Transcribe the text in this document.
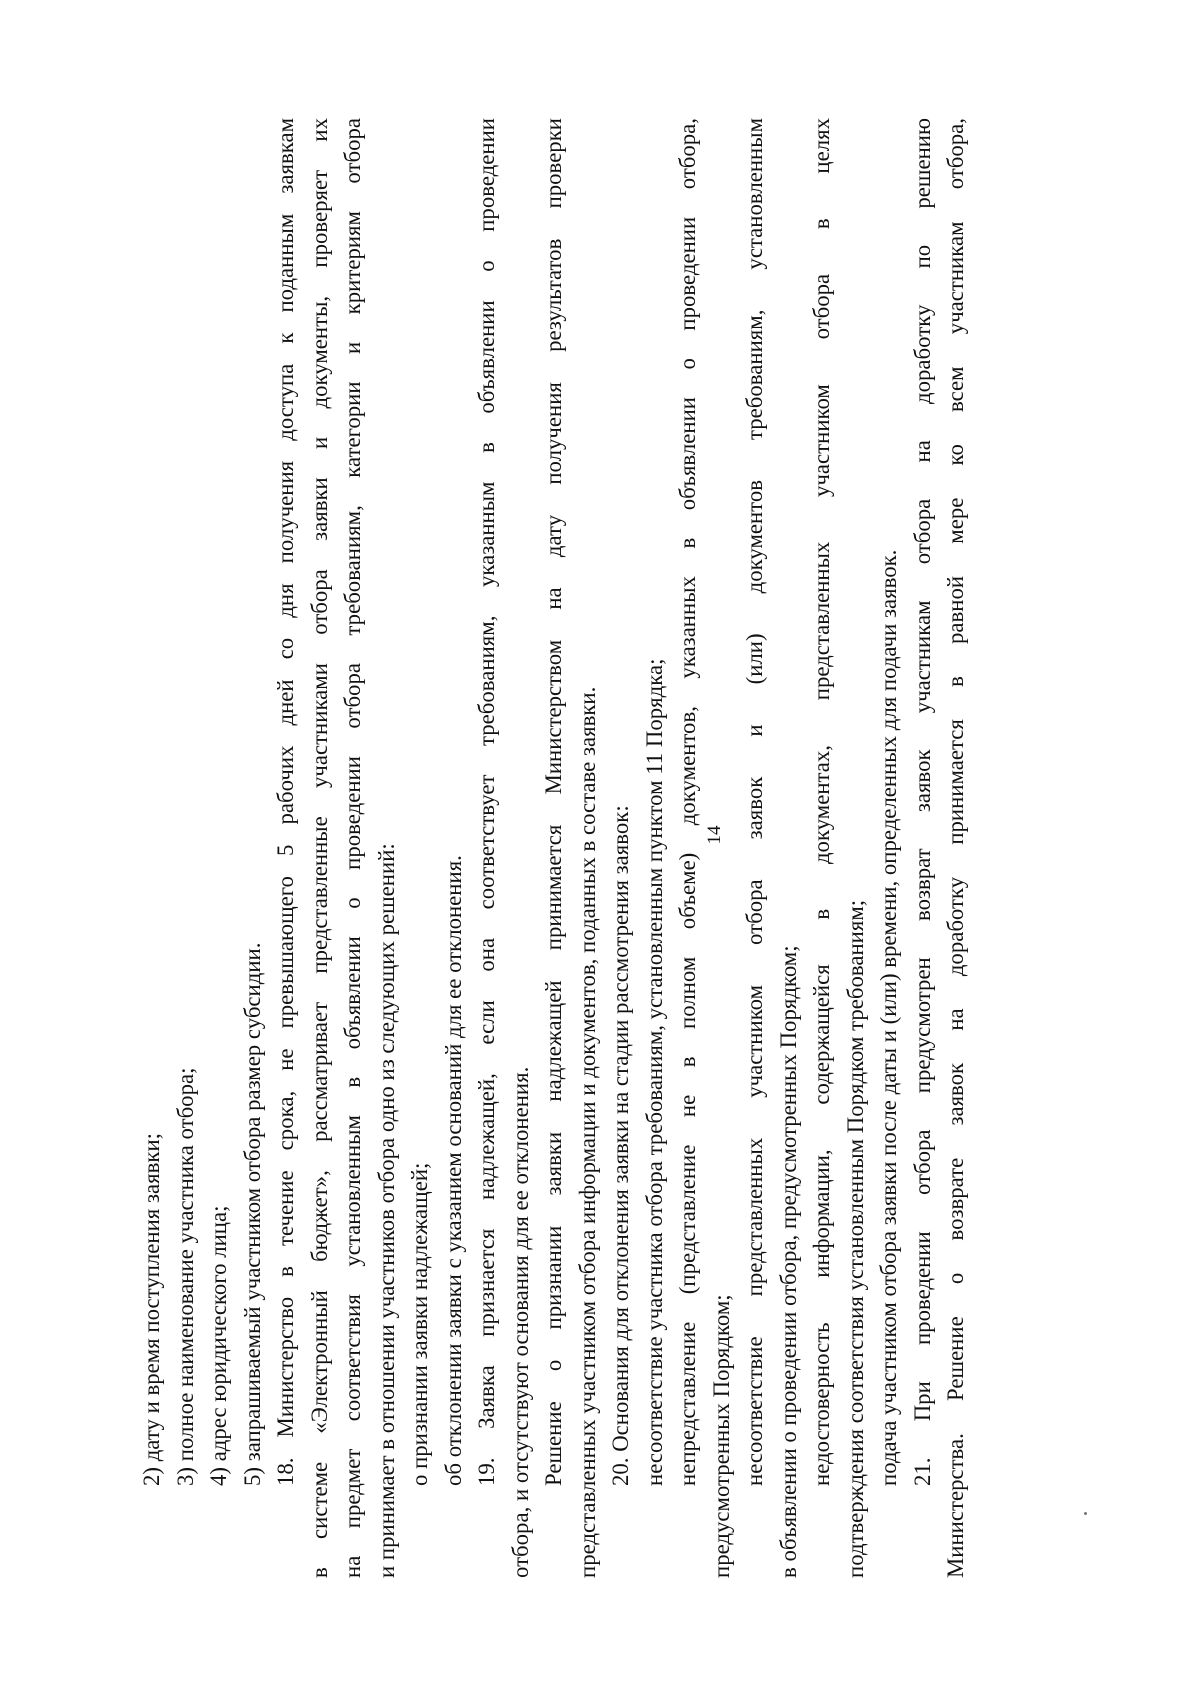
14
2) дату и время поступления заявки; 3) полное наименование участника отбора; 4) адрес юридического лица; 5) запрашиваемый участником отбора размер субсидии. 18. Министерство в течение срока, не превышающего 5 рабочих дней со дня получения доступа к поданным заявкам в системе «Электронный бюджет», рассматривает представленные участниками отбора заявки и документы, проверяет их на предмет соответствия установленным в объявлении о проведении отбора требованиям, категории и критериям отбора и принимает в отношении участников отбора одно из следующих решений: о признании заявки надлежащей; об отклонении заявки с указанием оснований для ее отклонения. 19. Заявка признается надлежащей, если она соответствует требованиям, указанным в объявлении о проведении отбора, и отсутствуют основания для ее отклонения. Решение о признании заявки надлежащей принимается Министерством на дату получения результатов проверки представленных участником отбора информации и документов, поданных в составе заявки. 20. Основания для отклонения заявки на стадии рассмотрения заявок: несоответствие участника отбора требованиям, установленным пунктом 11 Порядка; непредставление (представление не в полном объеме) документов, указанных в объявлении о проведении отбора, предусмотренных Порядком; несоответствие представленных участником отбора заявок и (или) документов требованиям, установленным в объявлении о проведении отбора, предусмотренных Порядком; недостоверность информации, содержащейся в документах, представленных участником отбора в целях подтверждения соответствия установленным Порядком требованиям; подача участником отбора заявки после даты и (или) времени, определенных для подачи заявок. 21. При проведении отбора предусмотрен возврат заявок участникам отбора на доработку по решению Министерства. Решение о возврате заявок на доработку принимается в равной мере ко всем участникам отбора,
